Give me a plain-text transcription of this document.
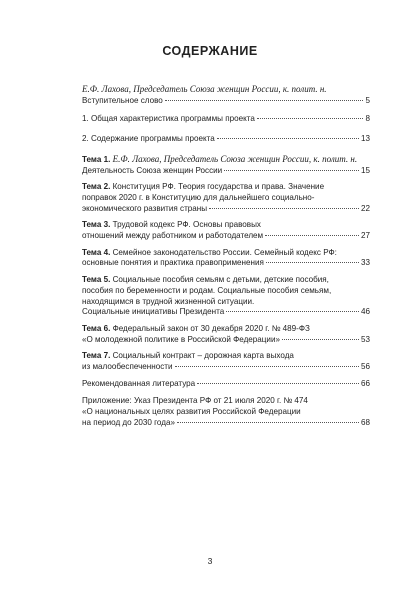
СОДЕРЖАНИЕ
Е.Ф. Лахова, Председатель Союза женщин России, к. полит. н.
Вступительное слово	5
1. Общая характеристика программы проекта	8
2. Содержание программы проекта	13
Тема 1. Е.Ф. Лахова, Председатель Союза женщин России, к. полит. н.
Деятельность Союза женщин России	15
Тема 2. Конституция РФ. Теория государства и права. Значение
поправок 2020 г. в Конституцию для дальнейшего социально-
экономического развития страны	22
Тема 3. Трудовой кодекс РФ. Основы правовых
отношений между работником и работодателем	27
Тема 4. Семейное законодательство России. Семейный кодекс РФ:
основные понятия и практика правоприменения	33
Тема 5. Социальные пособия семьям с детьми, детские пособия,
пособия по беременности и родам. Социальные пособия семьям,
находящимся в трудной жизненной ситуации.
Социальные инициативы Президента	46
Тема 6. Федеральный закон от 30 декабря 2020 г. № 489-ФЗ
«О молодежной политике в Российской Федерации»	53
Тема 7. Социальный контракт – дорожная карта выхода
из малообеспеченности	56
Рекомендованная литература	66
Приложение: Указ Президента РФ от 21 июля 2020 г. № 474
«О национальных целях развития Российской Федерации
на период до 2030 года»	68
3
